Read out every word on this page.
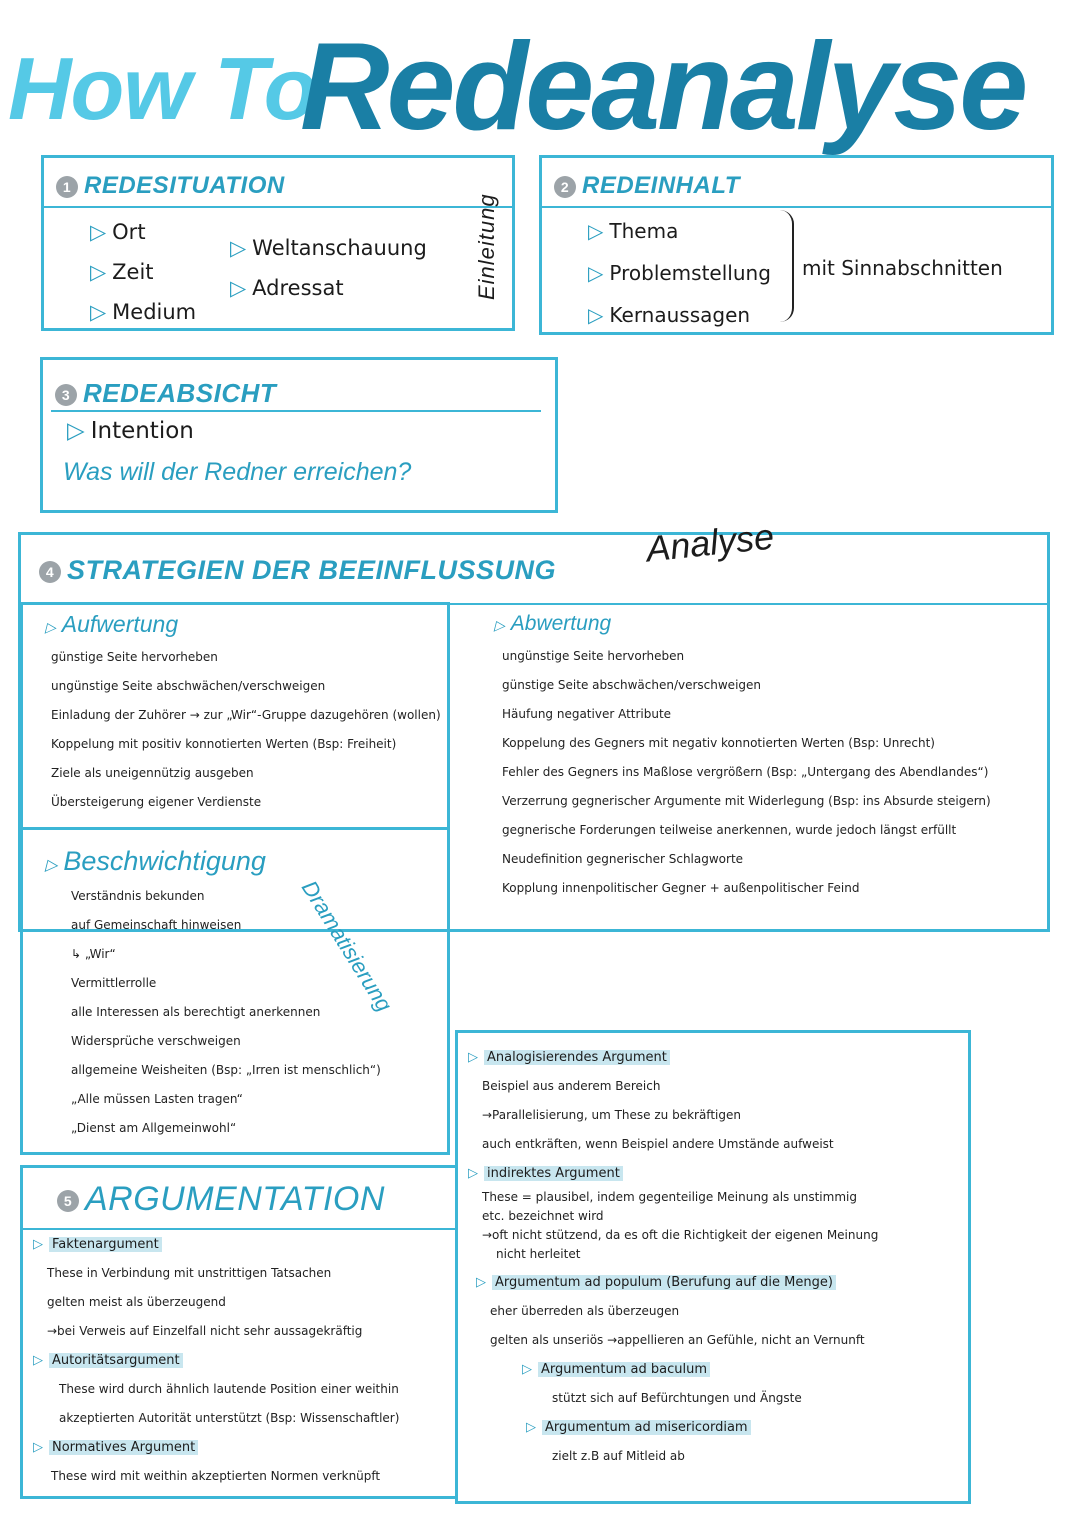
How To
Redeanalyse
1 REDESITUATION
▷ Ort
▷ Zeit
▷ Medium
▷ Weltanschauung
▷ Adressat	Einleitung
2 REDEINHALT
▷ Thema
▷ Problemstellung
▷ Kernaussagen
mit Sinnabschnitten
3 REDEABSICHT
▷ Intention
Was will der Redner erreichen?
4 STRATEGIEN DER BEEINFLUSSUNG
Analyse
▷ Aufwertung
günstige Seite hervorheben
ungünstige Seite abschwächen/verschweigen
Einladung der Zuhörer → zur „Wir“-Gruppe dazugehören (wollen)
Koppelung mit positiv konnotierten Werten (Bsp: Freiheit)
Ziele als uneigennützig ausgeben
Übersteigerung eigener Verdienste
▷ Abwertung
ungünstige Seite hervorheben
günstige Seite abschwächen/verschweigen
Häufung negativer Attribute
Koppelung des Gegners mit negativ konnotierten Werten (Bsp: Unrecht)
Fehler des Gegners ins Maßlose vergrößern (Bsp: „Untergang des Abendlandes“)
Verzerrung gegnerischer Argumente mit Widerlegung (Bsp: ins Absurde steigern)
gegnerische Forderungen teilweise anerkennen, wurde jedoch längst erfüllt
Neudefinition gegnerischer Schlagworte
Kopplung innenpolitischer Gegner + außenpolitischer Feind
▷ Beschwichtigung
Verständnis bekunden
auf Gemeinschaft hinweisen
↳ „Wir“
Vermittlerrolle
alle Interessen als berechtigt anerkennen
Widersprüche verschweigen
allgemeine Weisheiten (Bsp: „Irren ist menschlich“)
„Alle müssen Lasten tragen“
„Dienst am Allgemeinwohl“
Dramatisierung
5 ARGUMENTATION
▷ Faktenargument
These in Verbindung mit unstrittigen Tatsachen
gelten meist als überzeugend
→bei Verweis auf Einzelfall nicht sehr aussagekräftig
▷ Autoritätsargument
These wird durch ähnlich lautende Position einer weithin
akzeptierten Autorität unterstützt (Bsp: Wissenschaftler)
▷ Normatives Argument
These wird mit weithin akzeptierten Normen verknüpft
▷ Analogisierendes Argument
Beispiel aus anderem Bereich
→Parallelisierung, um These zu bekräftigen
auch entkräften, wenn Beispiel andere Umstände aufweist
▷ indirektes Argument
These = plausibel, indem gegenteilige Meinung als unstimmig
etc. bezeichnet wird
→oft nicht stützend, da es oft die Richtigkeit der eigenen Meinung
nicht herleitet
▷ Argumentum ad populum (Berufung auf die Menge)
eher überreden als überzeugen
gelten als unseriös →appellieren an Gefühle, nicht an Vernunft
▷ Argumentum ad baculum
stützt sich auf Befürchtungen und Ängste
▷ Argumentum ad misericordiam
zielt z.B auf Mitleid ab
